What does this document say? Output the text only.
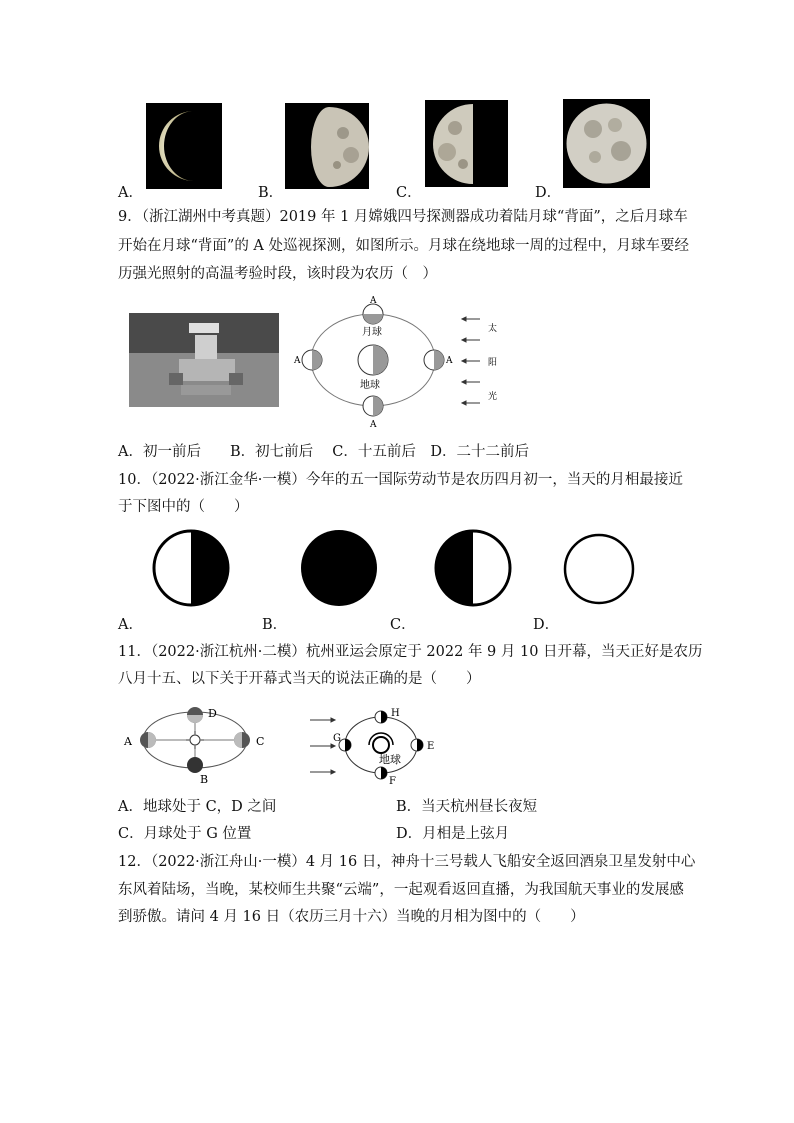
A．	B．	C．	D．
9．（浙江湖州中考真题）2019 年 1 月嫦娥四号探测器成功着陆月球“背面”，之后月球车
开始在月球“背面”的 A 处巡视探测，如图所示。月球在绕地球一周的过程中，月球车要经
历强光照射的高温考验时段，该时段为农历（　）
A
月球
A	A
A
地球
太
阳
光
A．初一前后　　B．初七前后　 C．十五前后　D．二十二前后
10．（2022·浙江金华·一模）今年的五一国际劳动节是农历四月初一，当天的月相最接近
于下图中的（　　）
A．	B．	C．	D．
11．（2022·浙江杭州·二模）杭州亚运会原定于 2022 年 9 月 10 日开幕，当天正好是农历
八月十五、以下关于开幕式当天的说法正确的是（　　）
A
B
C
D	H
G
E
F
地球
A．地球处于 C，D 之间	B．当天杭州昼长夜短
C．月球处于 G 位置	D．月相是上弦月
12．（2022·浙江舟山·一模）4 月 16 日，神舟十三号载人飞船安全返回酒泉卫星发射中心
东风着陆场，当晚，某校师生共聚“云端”，一起观看返回直播，为我国航天事业的发展感
到骄傲。请问 4 月 16 日（农历三月十六）当晚的月相为图中的（　　）
